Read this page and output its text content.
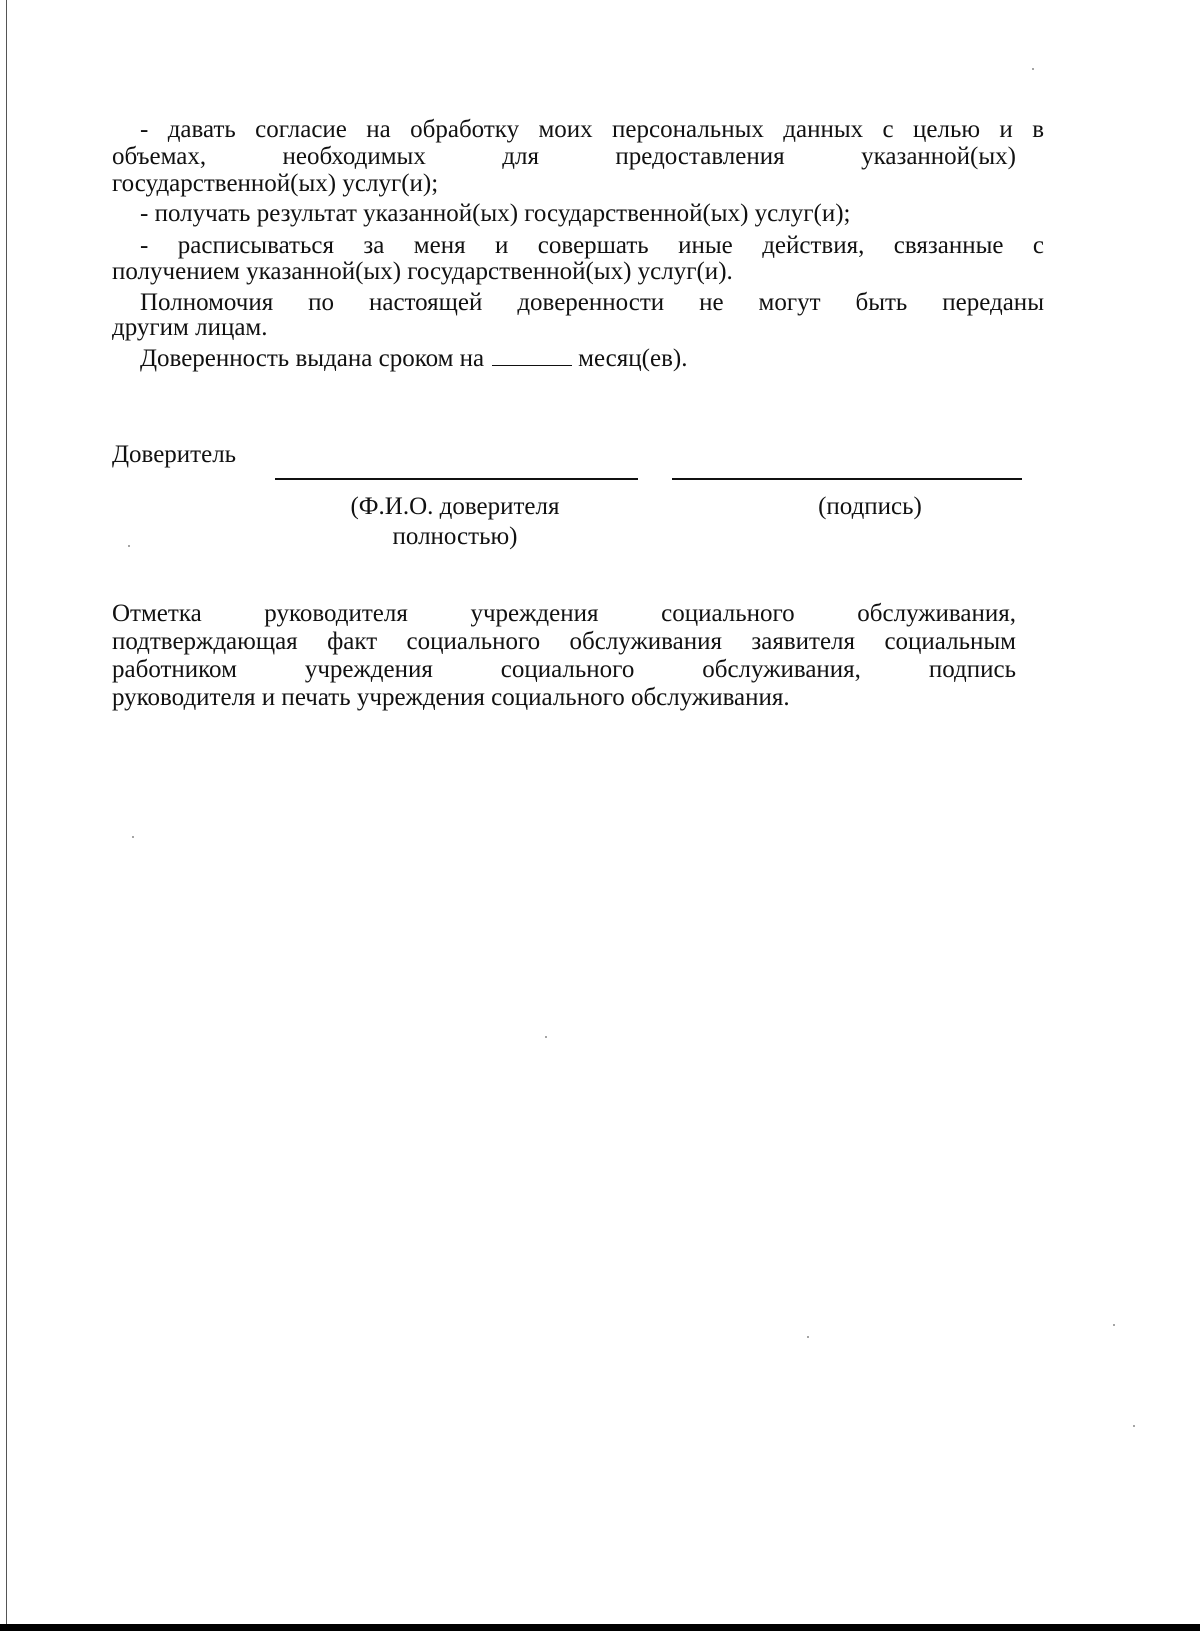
- давать согласие на обработку моих персональных данных с целью и в
объемах, необходимых для предоставления указанной(ых)
государственной(ых) услуг(и);
- получать результат указанной(ых) государственной(ых) услуг(и);
- расписываться за меня и совершать иные действия, связанные с
получением указанной(ых) государственной(ых) услуг(и).
Полномочия по настоящей доверенности не могут быть переданы
другим лицам.
Доверенность выдана сроком на	месяц(ев).
Доверитель
(Ф.И.О. доверителя
полностью)
(подпись)
Отметка руководителя учреждения социального обслуживания,
подтверждающая факт социального обслуживания заявителя социальным
работником учреждения социального обслуживания, подпись
руководителя и печать учреждения социального обслуживания.
